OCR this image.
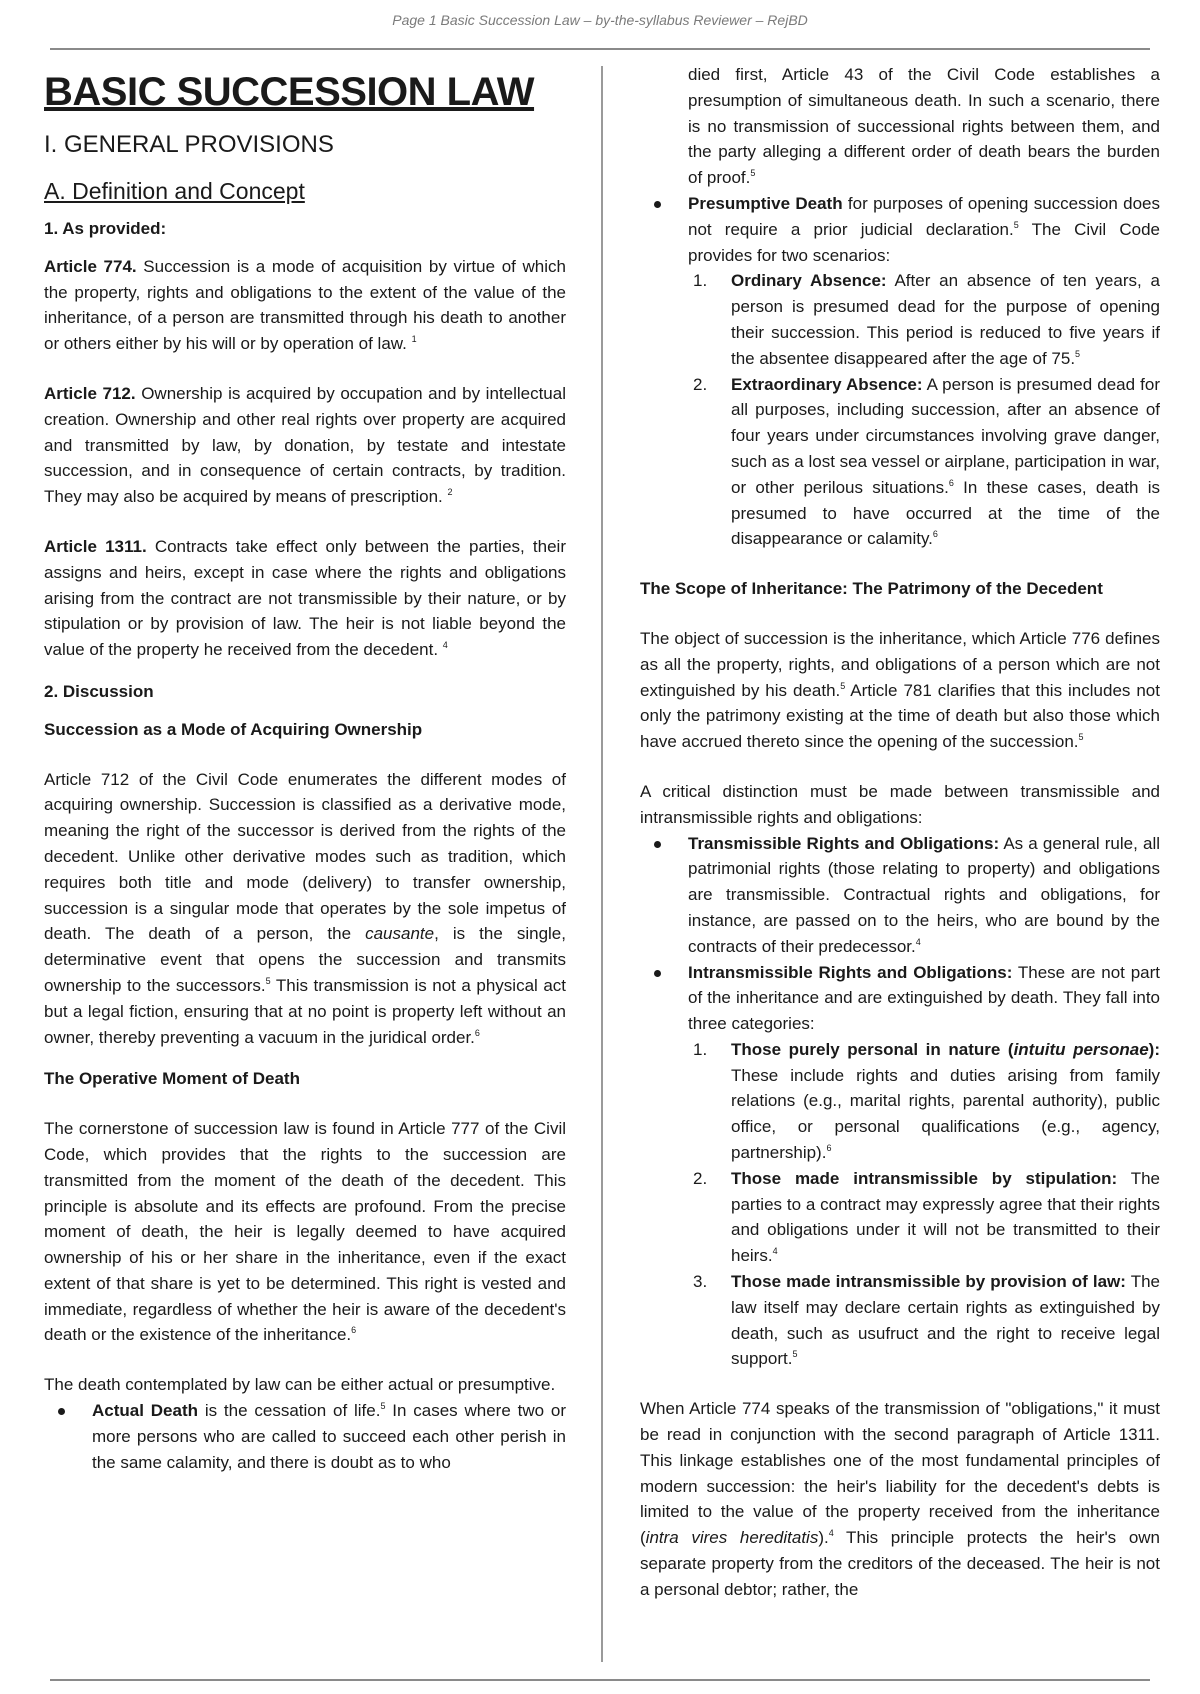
Page 1 Basic Succession Law – by-the-syllabus Reviewer – RejBD
BASIC SUCCESSION LAW
I. GENERAL PROVISIONS
A. Definition and Concept

1. As provided:

Article 774. Succession is a mode of acquisition by virtue of which the property, rights and obligations to the extent of the value of the inheritance, of a person are transmitted through his death to another or others either by his will or by operation of law. $^1$

Article 712. Ownership is acquired by occupation and by intellectual creation. Ownership and other real rights over property are acquired and transmitted by law, by donation, by testate and intestate succession, and in consequence of certain contracts, by tradition. They may also be acquired by means of prescription. $^2$

Article 1311. Contracts take effect only between the parties, their assigns and heirs, except in case where the rights and obligations arising from the contract are not transmissible by their nature, or by stipulation or by provision of law. The heir is not liable beyond the value of the property he received from the decedent. $^4$

2. Discussion

Succession as a Mode of Acquiring Ownership

Article 712 of the Civil Code enumerates the different modes of acquiring ownership. Succession is classified as a derivative mode, meaning the right of the successor is derived from the rights of the decedent. Unlike other derivative modes such as tradition, which requires both title and mode (delivery) to transfer ownership, succession is a singular mode that operates by the sole impetus of death. The death of a person, the causante, is the single, determinative event that opens the succession and transmits ownership to the successors.$^5$ This transmission is not a physical act but a legal fiction, ensuring that at no point is property left without an owner, thereby preventing a vacuum in the juridical order.$^6$

The Operative Moment of Death

The cornerstone of succession law is found in Article 777 of the Civil Code, which provides that the rights to the succession are transmitted from the moment of the death of the decedent. This principle is absolute and its effects are profound. From the precise moment of death, the heir is legally deemed to have acquired ownership of his or her share in the inheritance, even if the exact extent of that share is yet to be determined. This right is vested and immediate, regardless of whether the heir is aware of the decedent's death or the existence of the inheritance.$^6$

The death contemplated by law can be either actual or presumptive.

Actual Death is the cessation of life.$^5$ In cases where two or more persons who are called to succeed each other perish in the same calamity, and there is doubt as to who

died first, Article 43 of the Civil Code establishes a presumption of simultaneous death. In such a scenario, there is no transmission of successional rights between them, and the party alleging a different order of death bears the burden of proof.$^5$

Presumptive Death for purposes of opening succession does not require a prior judicial declaration.$^5$ The Civil Code provides for two scenarios:
1. Ordinary Absence: After an absence of ten years, a person is presumed dead for the purpose of opening their succession. This period is reduced to five years if the absentee disappeared after the age of 75.$^5$
2. Extraordinary Absence: A person is presumed dead for all purposes, including succession, after an absence of four years under circumstances involving grave danger, such as a lost sea vessel or airplane, participation in war, or other perilous situations.$^6$ In these cases, death is presumed to have occurred at the time of the disappearance or calamity.$^6$

The Scope of Inheritance: The Patrimony of the Decedent

The object of succession is the inheritance, which Article 776 defines as all the property, rights, and obligations of a person which are not extinguished by his death.$^5$ Article 781 clarifies that this includes not only the patrimony existing at the time of death but also those which have accrued thereto since the opening of the succession.$^5$

A critical distinction must be made between transmissible and intransmissible rights and obligations:

Transmissible Rights and Obligations: As a general rule, all patrimonial rights (those relating to property) and obligations are transmissible. Contractual rights and obligations, for instance, are passed on to the heirs, who are bound by the contracts of their predecessor.$^4$
Intransmissible Rights and Obligations: These are not part of the inheritance and are extinguished by death. They fall into three categories:
1. Those purely personal in nature (intuitu personae): These include rights and duties arising from family relations (e.g., marital rights, parental authority), public office, or personal qualifications (e.g., agency, partnership).$^6$
2. Those made intransmissible by stipulation: The parties to a contract may expressly agree that their rights and obligations under it will not be transmitted to their heirs.$^4$
3. Those made intransmissible by provision of law: The law itself may declare certain rights as extinguished by death, such as usufruct and the right to receive legal support.$^5$

When Article 774 speaks of the transmission of "obligations," it must be read in conjunction with the second paragraph of Article 1311. This linkage establishes one of the most fundamental principles of modern succession: the heir's liability for the decedent's debts is limited to the value of the property received from the inheritance (intra vires hereditatis).$^4$ This principle protects the heir's own separate property from the creditors of the deceased. The heir is not a personal debtor; rather, the
